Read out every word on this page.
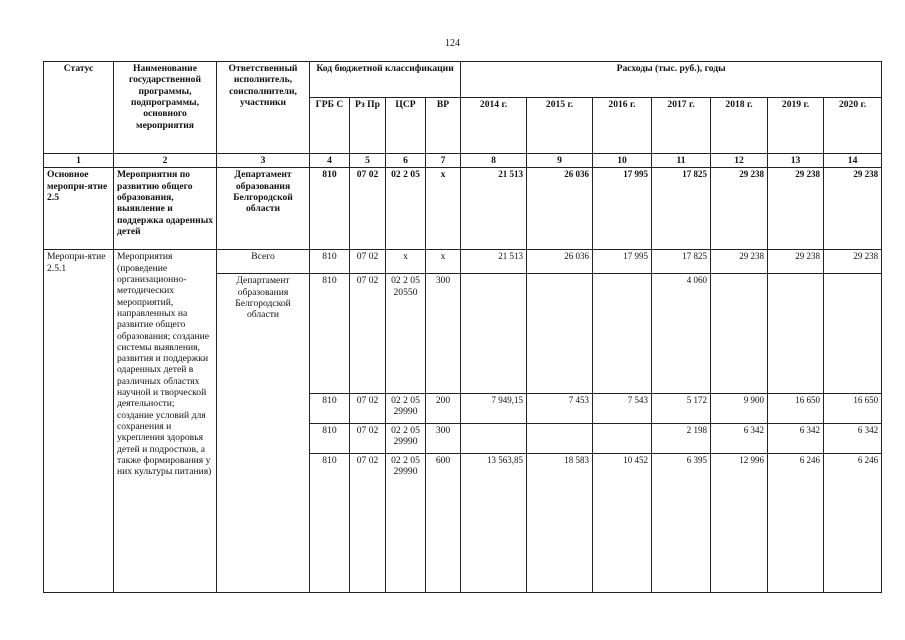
124
Статус	Наименование государственной программы, подпрограммы, основного мероприятия	Ответственный исполнитель, соисполнители, участники	Код бюджетной классификации				Расходы (тыс. руб.), годы						
			ГРБ С	Рз Пр	ЦСР	ВР	2014 г.	2015 г.	2016 г.	2017 г.	2018 г.	2019 г.	2020 г.
1	2	3	4	5	6	7	8	9	10	11	12	13	14
Основное меропри-ятие 2.5	Мероприятия по развитию общего образования, выявление и поддержка одаренных детей	Департамент образования Белгородской области	810	07 02	02 2 05	x	21 513	26 036	17 995	17 825	29 238	29 238	29 238
Меропри-ятие 2.5.1	Мероприятия (проведение организационно-методических мероприятий, направленных на развитие общего образования; создание системы выявления, развития и поддержки одаренных детей в различных областях научной и творческой деятельности; создание условий для сохранения и укрепления здоровья детей и подростков, а также формирования у них культуры питания)	Всего	810	07 02	x	x	21 513	26 036	17 995	17 825	29 238	29 238	29 238
		Департамент образования Белгородской области	810	07 02	02 2 05 20550	300				4 060			
			810	07 02	02 2 05 29990	200	7 949,15	7 453	7 543	5 172	9 900	16 650	16 650
			810	07 02	02 2 05 29990	300				2 198	6 342	6 342	6 342
			810	07 02	02 2 05 29990	600	13 563,85	18 583	10 452	6 395	12 996	6 246	6 246
